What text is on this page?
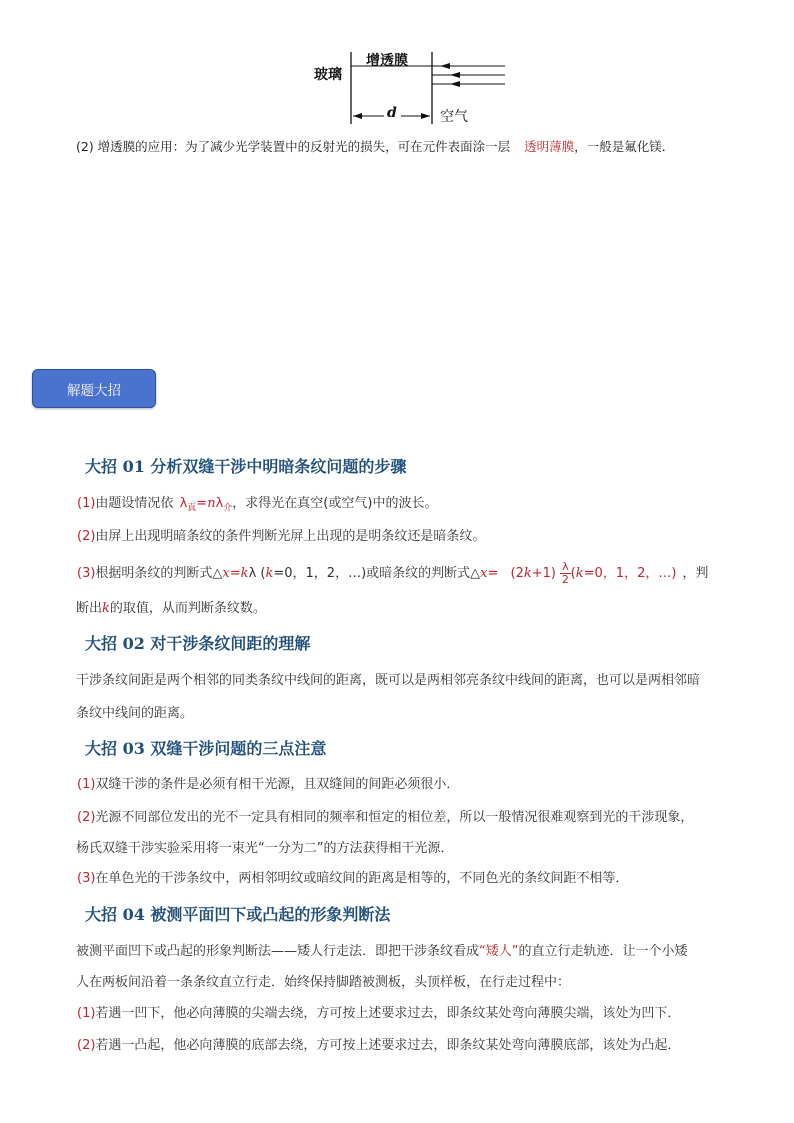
玻璃
增透膜
空气
d
(2) 增透膜的应用：为了减少光学装置中的反射光的损失，可在元件表面涂一层 透明薄膜，一般是氟化镁．
解题大招
大招 01 分析双缝干涉中明暗条纹问题的步骤
(1)由题设情况依 $\lambda_真=n\lambda_介$，求得光在真空(或空气)中的波长。
(2)由屏上出现明暗条纹的条件判断光屏上出现的是明条纹还是暗条纹。
(3)根据明条纹的判断式△x=kλ (k=0，1，2，…)或暗条纹的判断式△x= $(2k+1) \frac{\lambda}{2} (k=0$，1，2，…) ，判
断出k的取值，从而判断条纹数。
大招 02 对干涉条纹间距的理解
干涉条纹间距是两个相邻的同类条纹中线间的距离，既可以是两相邻亮条纹中线间的距离，也可以是两相邻暗
条纹中线间的距离。
大招 03 双缝干涉问题的三点注意
(1)双缝干涉的条件是必须有相干光源，且双缝间的间距必须很小．
(2)光源不同部位发出的光不一定具有相同的频率和恒定的相位差，所以一般情况很难观察到光的干涉现象，
杨氏双缝干涉实验采用将一束光“一分为二”的方法获得相干光源．
(3)在单色光的干涉条纹中，两相邻明纹或暗纹间的距离是相等的，不同色光的条纹间距不相等．
大招 04 被测平面凹下或凸起的形象判断法
被测平面凹下或凸起的形象判断法——矮人行走法．即把干涉条纹看成“矮人”的直立行走轨迹．让一个小矮
人在两板间沿着一条条纹直立行走．始终保持脚踏被测板，头顶样板，在行走过程中：
(1)若遇一凹下，他必向薄膜的尖端去绕，方可按上述要求过去，即条纹某处弯向薄膜尖端，该处为凹下．
(2)若遇一凸起，他必向薄膜的底部去绕，方可按上述要求过去，即条纹某处弯向薄膜底部，该处为凸起．
